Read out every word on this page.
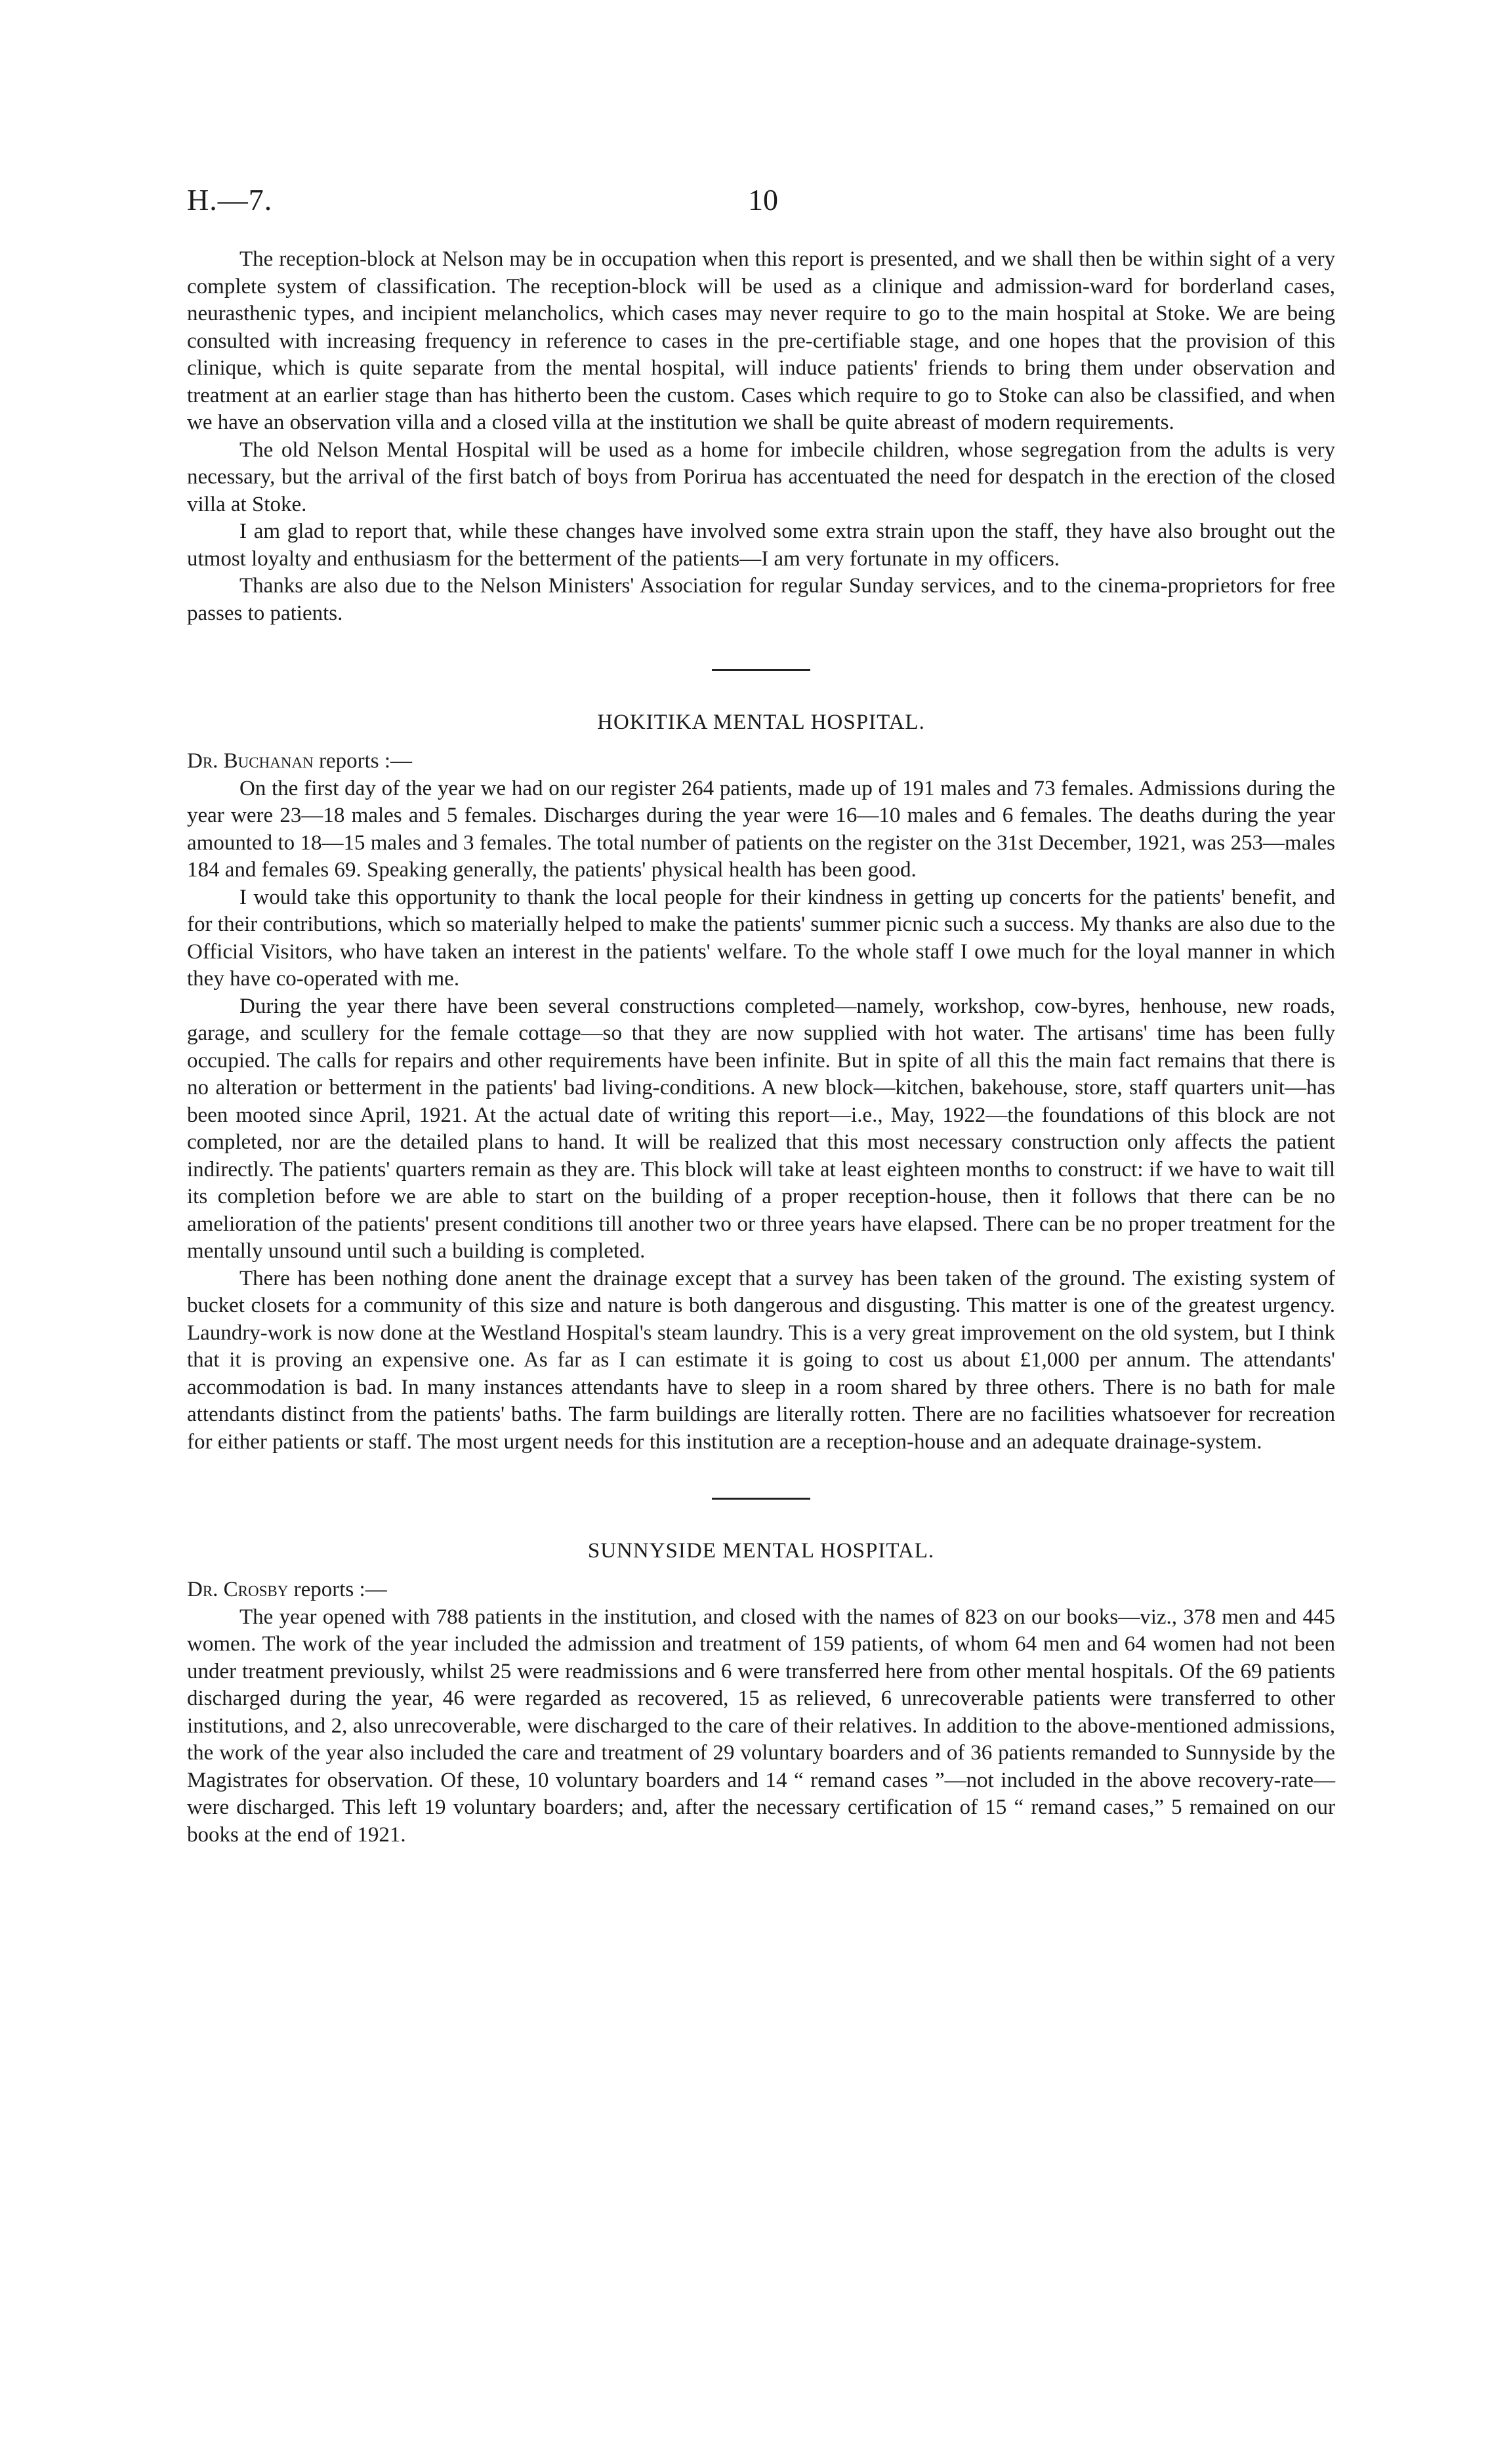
H.—7.	10

The reception-block at Nelson may be in occupation when this report is presented, and we shall then be within sight of a very complete system of classification. The reception-block will be used as a clinique and admission-ward for borderland cases, neurasthenic types, and incipient melancholics, which cases may never require to go to the main hospital at Stoke. We are being consulted with increasing frequency in reference to cases in the pre-certifiable stage, and one hopes that the provision of this clinique, which is quite separate from the mental hospital, will induce patients' friends to bring them under observation and treatment at an earlier stage than has hitherto been the custom. Cases which require to go to Stoke can also be classified, and when we have an observation villa and a closed villa at the institution we shall be quite abreast of modern requirements.

The old Nelson Mental Hospital will be used as a home for imbecile children, whose segregation from the adults is very necessary, but the arrival of the first batch of boys from Porirua has accentuated the need for despatch in the erection of the closed villa at Stoke.

I am glad to report that, while these changes have involved some extra strain upon the staff, they have also brought out the utmost loyalty and enthusiasm for the betterment of the patients—I am very fortunate in my officers.

Thanks are also due to the Nelson Ministers' Association for regular Sunday services, and to the cinema-proprietors for free passes to patients.

HOKITIKA MENTAL HOSPITAL.
Dr. Buchanan reports :—

On the first day of the year we had on our register 264 patients, made up of 191 males and 73 females. Admissions during the year were 23—18 males and 5 females. Discharges during the year were 16—10 males and 6 females. The deaths during the year amounted to 18—15 males and 3 females. The total number of patients on the register on the 31st December, 1921, was 253—males 184 and females 69. Speaking generally, the patients' physical health has been good.

I would take this opportunity to thank the local people for their kindness in getting up concerts for the patients' benefit, and for their contributions, which so materially helped to make the patients' summer picnic such a success. My thanks are also due to the Official Visitors, who have taken an interest in the patients' welfare. To the whole staff I owe much for the loyal manner in which they have co-operated with me.

During the year there have been several constructions completed—namely, workshop, cow-byres, henhouse, new roads, garage, and scullery for the female cottage—so that they are now supplied with hot water. The artisans' time has been fully occupied. The calls for repairs and other requirements have been infinite. But in spite of all this the main fact remains that there is no alteration or betterment in the patients' bad living-conditions. A new block—kitchen, bakehouse, store, staff quarters unit—has been mooted since April, 1921. At the actual date of writing this report—i.e., May, 1922—the foundations of this block are not completed, nor are the detailed plans to hand. It will be realized that this most necessary construction only affects the patient indirectly. The patients' quarters remain as they are. This block will take at least eighteen months to construct: if we have to wait till its completion before we are able to start on the building of a proper reception-house, then it follows that there can be no amelioration of the patients' present conditions till another two or three years have elapsed. There can be no proper treatment for the mentally unsound until such a building is completed.

There has been nothing done anent the drainage except that a survey has been taken of the ground. The existing system of bucket closets for a community of this size and nature is both dangerous and disgusting. This matter is one of the greatest urgency. Laundry-work is now done at the Westland Hospital's steam laundry. This is a very great improvement on the old system, but I think that it is proving an expensive one. As far as I can estimate it is going to cost us about £1,000 per annum. The attendants' accommodation is bad. In many instances attendants have to sleep in a room shared by three others. There is no bath for male attendants distinct from the patients' baths. The farm buildings are literally rotten. There are no facilities whatsoever for recreation for either patients or staff. The most urgent needs for this institution are a reception-house and an adequate drainage-system.

SUNNYSIDE MENTAL HOSPITAL.
Dr. Crosby reports :—

The year opened with 788 patients in the institution, and closed with the names of 823 on our books—viz., 378 men and 445 women. The work of the year included the admission and treatment of 159 patients, of whom 64 men and 64 women had not been under treatment previously, whilst 25 were readmissions and 6 were transferred here from other mental hospitals. Of the 69 patients discharged during the year, 46 were regarded as recovered, 15 as relieved, 6 unrecoverable patients were transferred to other institutions, and 2, also unrecoverable, were discharged to the care of their relatives. In addition to the above-mentioned admissions, the work of the year also included the care and treatment of 29 voluntary boarders and of 36 patients remanded to Sunnyside by the Magistrates for observation. Of these, 10 voluntary boarders and 14 “ remand cases ”—not included in the above recovery-rate—were discharged. This left 19 voluntary boarders; and, after the necessary certification of 15 “ remand cases,” 5 remained on our books at the end of 1921.
